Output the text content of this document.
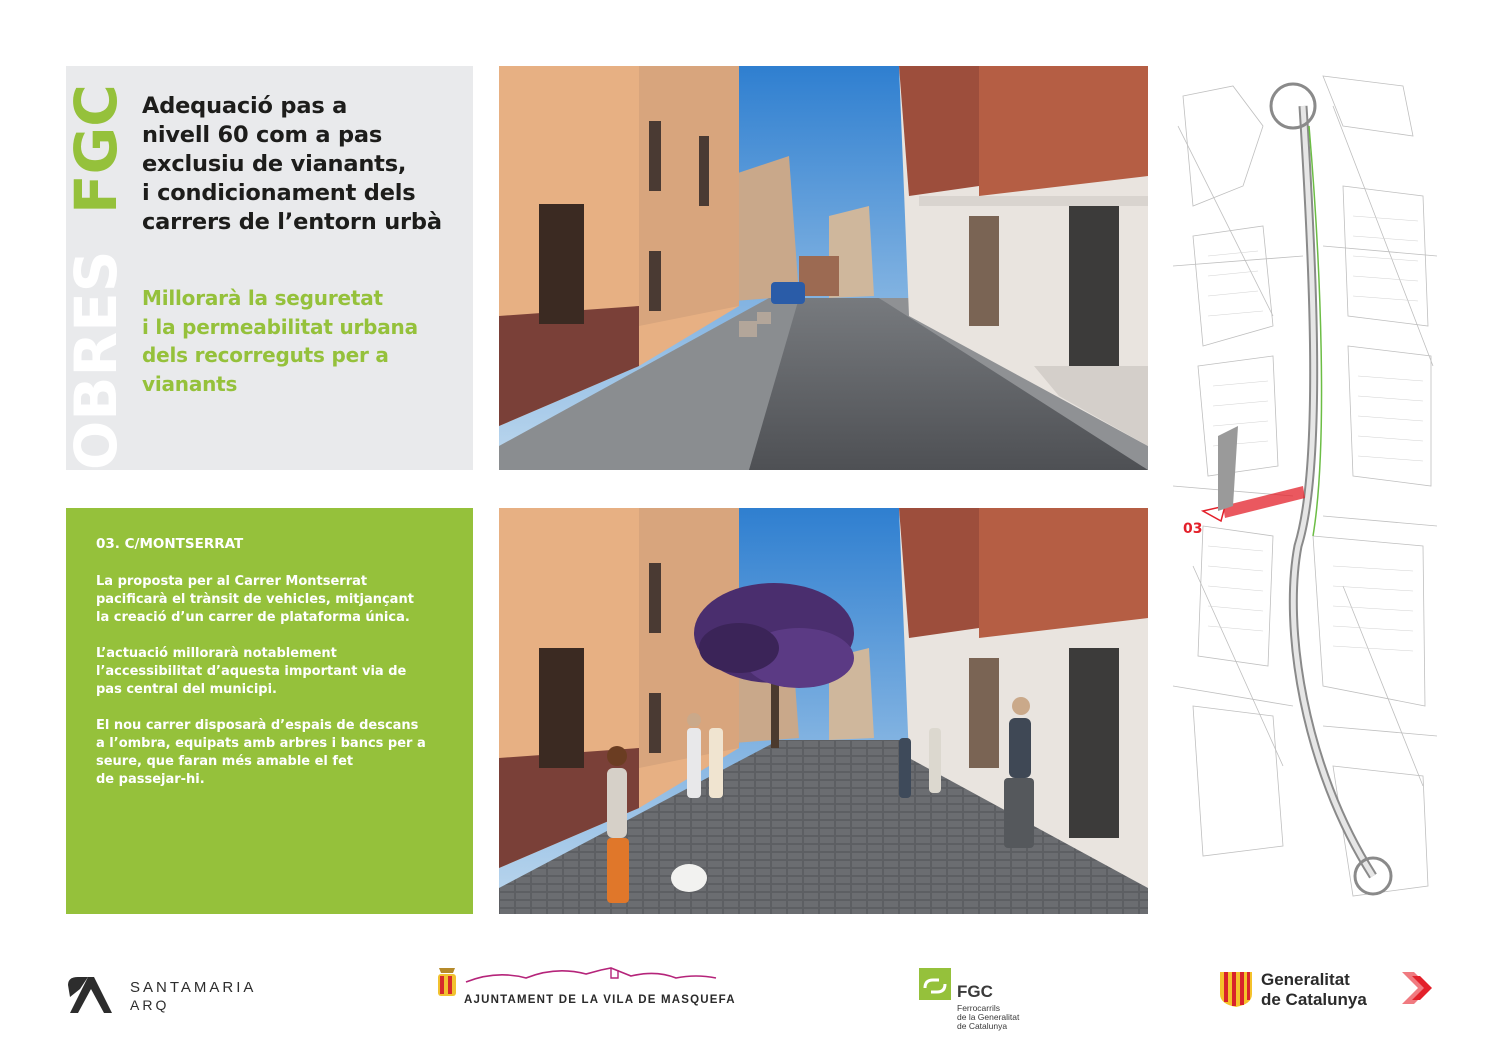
FGC
OBRES
Adequació pas a
nivell 60 com a pas
exclusiu de vianants,
i condicionament dels
carrers de l’entorn urbà
Millorarà la seguretat
i la permeabilitat urbana
dels recorreguts per a
vianants
03. C/MONTSERRAT

La proposta per al Carrer Montserrat
pacificarà el trànsit de vehicles, mitjançant
la creació d’un carrer de plataforma única.

L’actuació millorarà notablement
l’accessibilitat d’aquesta important via de
pas central del municipi.

El nou carrer disposarà d’espais de descans
a l’ombra, equipats amb arbres i bancs per a
seure, que faran més amable el fet
de passejar-hi.

03
SANTAMARIA
ARQ	AJUNTAMENT DE LA VILA DE MASQUEFA	FGC
Ferrocarrils
de la Generalitat
de Catalunya
Generalitat
de Catalunya
